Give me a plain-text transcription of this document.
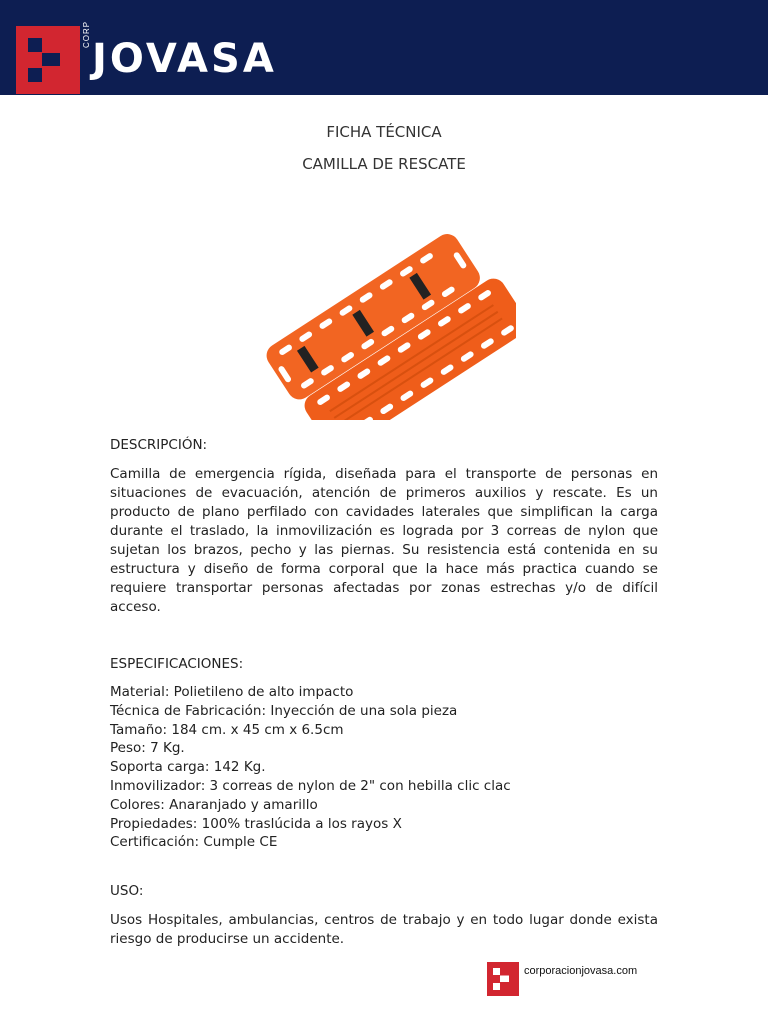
CORP
JOVASA
FICHA TÉCNICA
CAMILLA DE RESCATE
DESCRIPCIÓN:
Camilla de emergencia rígida, diseñada para el transporte de personas en situaciones de evacuación, atención de primeros auxilios y rescate. Es un producto de plano perfilado con cavidades laterales que simplifican la carga durante el traslado, la inmovilización es lograda por 3 correas de nylon que sujetan los brazos, pecho y las piernas. Su resistencia está contenida en su estructura y diseño de forma corporal que la hace más practica cuando se requiere transportar personas afectadas por zonas estrechas y/o de difícil acceso.
ESPECIFICACIONES:
Material: Polietileno de alto impacto
Técnica de Fabricación: Inyección de una sola pieza
Tamaño: 184 cm. x 45 cm x 6.5cm
Peso: 7 Kg.
Soporta carga: 142 Kg.
Inmovilizador: 3 correas de nylon de 2" con hebilla clic clac
Colores: Anaranjado y amarillo
Propiedades: 100% traslúcida a los rayos X
Certificación: Cumple CE
USO:
Usos Hospitales, ambulancias, centros de trabajo y en todo lugar donde exista riesgo de producirse un accidente.
corporacionjovasa.com
